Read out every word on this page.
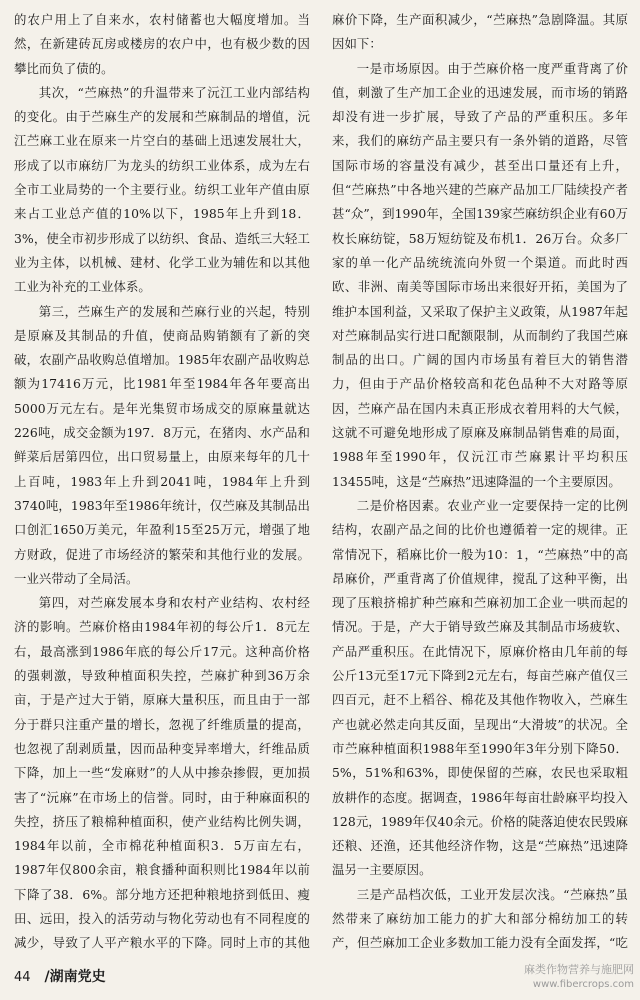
的农户用上了自来水，农村储蓄也大幅度增加。当然，在新建砖瓦房或楼房的农户中，也有极少数的因攀比而负了债的。

其次，“苎麻热”的升温带来了沅江工业内部结构的变化。由于苎麻生产的发展和苎麻制品的增值，沅江苎麻工业在原来一片空白的基础上迅速发展壮大，形成了以市麻纺厂为龙头的纺织工业体系，成为左右全市工业局势的一个主要行业。纺织工业年产值由原来占工业总产值的10%以下，1985年上升到18．3%，使全市初步形成了以纺织、食品、造纸三大轻工业为主体，以机械、建材、化学工业为辅佐和以其他工业为补充的工业体系。

第三，苎麻生产的发展和苎麻行业的兴起，特别是原麻及其制品的升值，使商品购销额有了新的突破，农副产品收购总值增加。1985年农副产品收购总额为17416万元，比1981年至1984年各年要高出5000万元左右。是年光集贸市场成交的原麻量就达226吨，成交金额为197．8万元，在猪肉、水产品和鲜菜后居第四位，出口贸易量上，由原来每年的几十上百吨，1983年上升到2041吨，1984年上升到3740吨，1983年至1986年统计，仅苎麻及其制品出口创汇1650万美元，年盈利15至25万元，增强了地方财政，促进了市场经济的繁荣和其他行业的发展。一业兴带动了全局活。

第四，对苎麻发展本身和农村产业结构、农村经济的影响。苎麻价格由1984年初的每公斤1．8元左右，最高涨到1986年底的每公斤17元。这种高价格的强刺激，导致种植面积失控，苎麻扩种到36万余亩，于是产过大于销，原麻大量积压，而且由于一部分于群只注重产量的增长，忽视了纤维质量的提高，也忽视了刮剥质量，因而品种变异率增大，纤维品质下降，加上一些“发麻财”的人从中掺杂掺假，更加损害了“沅麻”在市场上的信誉。同时，由于种麻面积的失控，挤压了粮棉种植面积，使产业结构比例失调，1984年以前，全市棉花种植面积3．5万亩左右，1987年仅800余亩，粮食播种面积则比1984年以前下降了38．6%。部分地方还把种粮地挤到低田、瘦田、远田，投入的活劳动与物化劳动也有不同程度的减少，导致了人平产粮水平的下降。同时上市的其他

麻价下降，生产面积减少，“苎麻热”急剧降温。其原因如下：

一是市场原因。由于苎麻价格一度严重背离了价值，刺激了生产加工企业的迅速发展，而市场的销路却没有进一步扩展，导致了产品的严重积压。多年来，我们的麻纺产品主要只有一条外销的道路，尽管国际市场的容量没有减少，甚至出口量还有上升，但“苎麻热”中各地兴建的苎麻产品加工厂陆续投产者甚“众”，到1990年，全国139家苎麻纺织企业有60万枚长麻纺锭，58万短纺锭及布机1．26万台。众多厂家的单一化产品统统流向外贸一个渠道。而此时西欧、非洲、南美等国际市场出来很好开拓，美国为了维护本国利益，又采取了保护主义政策，从1987年起对苎麻制品实行进口配额限制，从而制约了我国苎麻制品的出口。广阔的国内市场虽有着巨大的销售潜力，但由于产品价格较高和花色品种不大对路等原因，苎麻产品在国内未真正形成衣着用料的大气候，这就不可避免地形成了原麻及麻制品销售难的局面，1988年至1990年，仅沅江市苎麻累计平均积压13455吨，这是“苎麻热”迅速降温的一个主要原因。

二是价格因素。农业产业一定要保持一定的比例结构，农副产品之间的比价也遵循着一定的规律。正常情况下，稻麻比价一般为10：1，“苎麻热”中的高昂麻价，严重背离了价值规律，搅乱了这种平衡，出现了压粮挤棉扩种苎麻和苎麻初加工企业一哄而起的情况。于是，产大于销导致苎麻及其制品市场疲软、产品严重积压。在此情况下，原麻价格由几年前的每公斤13元至17元下降到2元左右，每亩苎麻产值仅三四百元，赶不上稻谷、棉花及其他作物收入，苎麻生产也就必然走向其反面，呈现出“大滑坡”的状况。全市苎麻种植面积1988年至1990年3年分别下降50．5%，51%和63%，即使保留的苎麻，农民也采取粗放耕作的态度。据调查，1986年每亩壮龄麻平均投入128元，1989年仅40余元。价格的陡落迫使农民毁麻还粮、还渔，还其他经济作物，这是“苎麻热”迅速降温另一主要原因。

三是产品档次低，工业开发层次浅。“苎麻热”虽然带来了麻纺加工能力的扩大和部分棉纺加工的转产，但苎麻加工企业多数加工能力没有全面发挥，“吃

44 /湖南党史	麻类作物营养与施肥网
www.fibercrops.com
